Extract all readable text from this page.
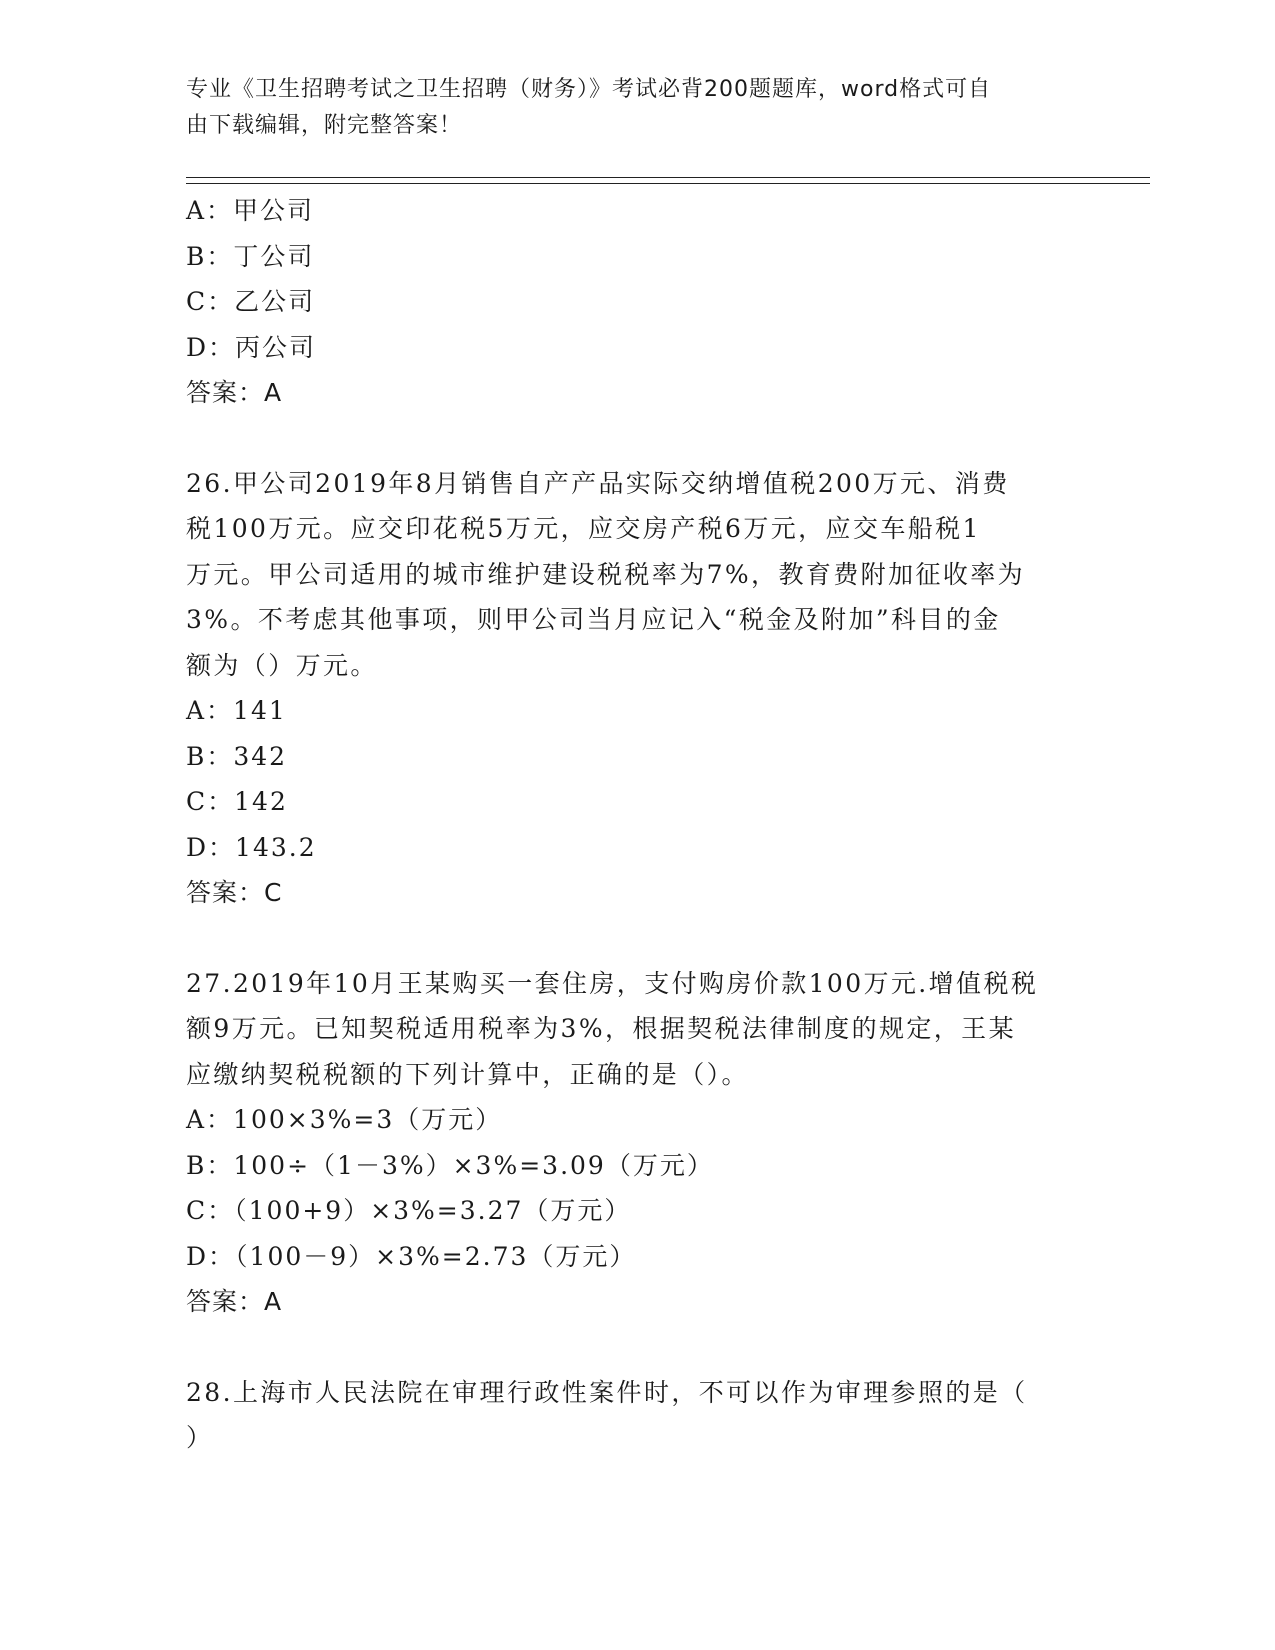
专业《卫生招聘考试之卫生招聘（财务）》考试必背200题题库，word格式可自
由下载编辑，附完整答案！
A：甲公司
B：丁公司
C：乙公司
D：丙公司
答案：A
26.甲公司2019年8月销售自产产品实际交纳增值税200万元、消费
税100万元。应交印花税5万元，应交房产税6万元，应交车船税1
万元。甲公司适用的城市维护建设税税率为7%，教育费附加征收率为
3%。不考虑其他事项，则甲公司当月应记入“税金及附加”科目的金
额为（）万元。
A：141
B：342
C：142
D：143.2
答案：C
27.2019年10月王某购买一套住房，支付购房价款100万元.增值税税
额9万元。已知契税适用税率为3%，根据契税法律制度的规定，王某
应缴纳契税税额的下列计算中，正确的是（）。
A：100×3%=3（万元）
B：100÷（1－3%）×3%=3.09（万元）
C：（100+9）×3%=3.27（万元）
D：（100－9）×3%=2.73（万元）
答案：A
28.上海市人民法院在审理行政性案件时，不可以作为审理参照的是（
）
